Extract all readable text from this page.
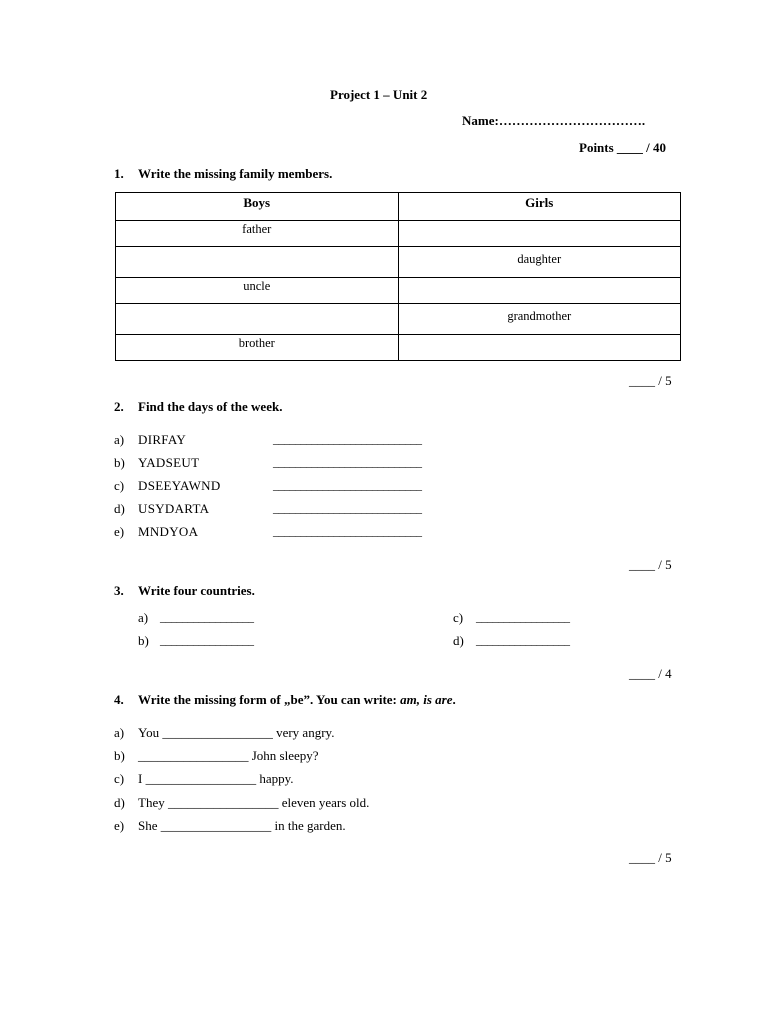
Project 1 – Unit 2
Name:…………………………….
Points ____ / 40
1. Write the missing family members.
Boys	Girls
father	
	daughter
uncle	
	grandmother
brother	
____ / 5
2. Find the days of the week.
a) DIRFAY	___________________________
b) YADSEUT	___________________________
c) DSEEYAWND	___________________________
d) USYDARTA	___________________________
e) MNDYOA	___________________________
____ / 5
3. Write four countries.
a) _________________
b) _________________
c) _________________
d) _________________
____ / 4
4. Write the missing form of „be”. You can write: am, is are.
a) You _________________ very angry.
b) _________________ John sleepy?
c) I _________________ happy.
d) They _________________ eleven years old.
e) She _________________ in the garden.
____ / 5
